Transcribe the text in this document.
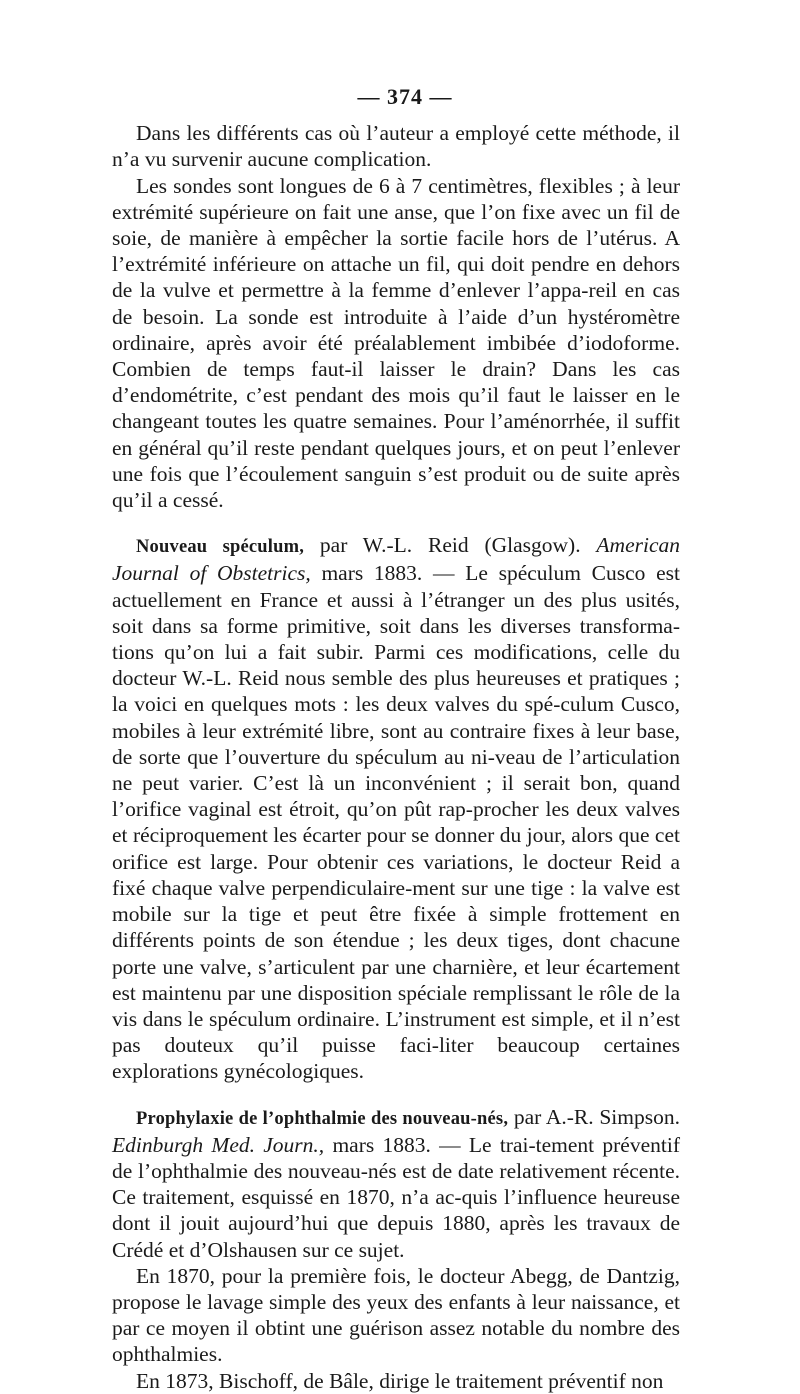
— 374 —

Dans les différents cas où l’auteur a employé cette méthode, il n’a vu survenir aucune complication.

Les sondes sont longues de 6 à 7 centimètres, flexibles ; à leur extrémité supérieure on fait une anse, que l’on fixe avec un fil de soie, de manière à empêcher la sortie facile hors de l’utérus. A l’extrémité inférieure on attache un fil, qui doit pendre en dehors de la vulve et permettre à la femme d’enlever l’appa-reil en cas de besoin. La sonde est introduite à l’aide d’un hystéromètre ordinaire, après avoir été préalablement imbibée d’iodoforme. Combien de temps faut-il laisser le drain? Dans les cas d’endométrite, c’est pendant des mois qu’il faut le laisser en le changeant toutes les quatre semaines. Pour l’aménorrhée, il suffit en général qu’il reste pendant quelques jours, et on peut l’enlever une fois que l’écoulement sanguin s’est produit ou de suite après qu’il a cessé.

Nouveau spéculum, par W.-L. Reid (Glasgow). American Journal of Obstetrics, mars 1883. — Le spéculum Cusco est actuellement en France et aussi à l’étranger un des plus usités, soit dans sa forme primitive, soit dans les diverses transforma-tions qu’on lui a fait subir. Parmi ces modifications, celle du docteur W.-L. Reid nous semble des plus heureuses et pratiques ; la voici en quelques mots : les deux valves du spé-culum Cusco, mobiles à leur extrémité libre, sont au contraire fixes à leur base, de sorte que l’ouverture du spéculum au ni-veau de l’articulation ne peut varier. C’est là un inconvénient ; il serait bon, quand l’orifice vaginal est étroit, qu’on pût rap-procher les deux valves et réciproquement les écarter pour se donner du jour, alors que cet orifice est large. Pour obtenir ces variations, le docteur Reid a fixé chaque valve perpendiculaire-ment sur une tige : la valve est mobile sur la tige et peut être fixée à simple frottement en différents points de son étendue ; les deux tiges, dont chacune porte une valve, s’articulent par une charnière, et leur écartement est maintenu par une disposition spéciale remplissant le rôle de la vis dans le spéculum ordinaire. L’instrument est simple, et il n’est pas douteux qu’il puisse faci-liter beaucoup certaines explorations gynécologiques.

Prophylaxie de l’ophthalmie des nouveau-nés, par A.-R. Simpson. Edinburgh Med. Journ., mars 1883. — Le trai-tement préventif de l’ophthalmie des nouveau-nés est de date relativement récente. Ce traitement, esquissé en 1870, n’a ac-quis l’influence heureuse dont il jouit aujourd’hui que depuis 1880, après les travaux de Crédé et d’Olshausen sur ce sujet.

En 1870, pour la première fois, le docteur Abegg, de Dantzig, propose le lavage simple des yeux des enfants à leur naissance, et par ce moyen il obtint une guérison assez notable du nombre des ophthalmies.

En 1873, Bischoff, de Bâle, dirige le traitement préventif non
